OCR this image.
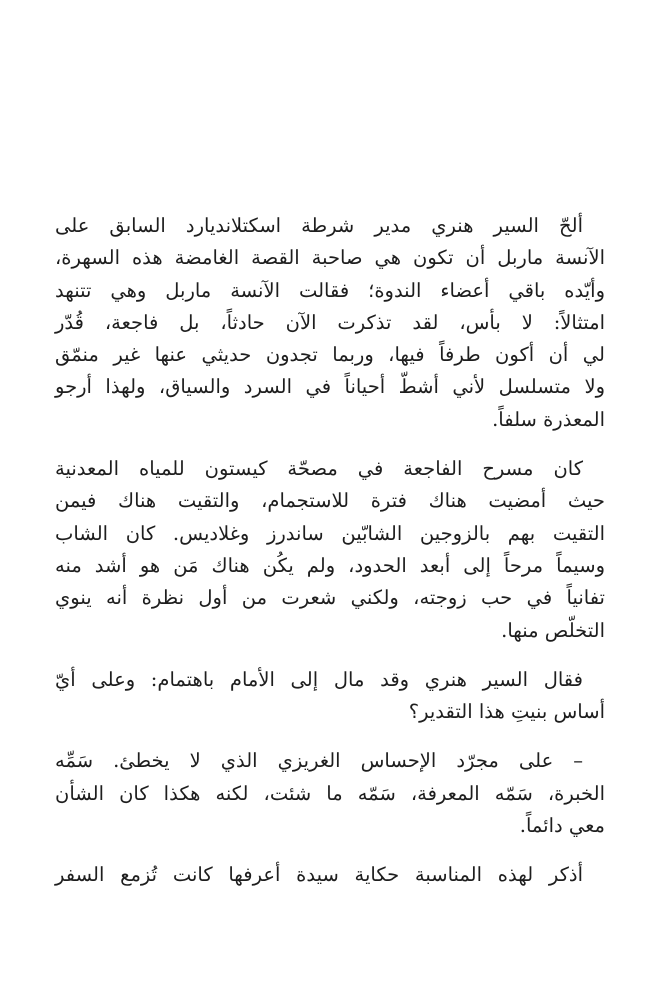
ألحّ السير هنري مدير شرطة اسكتلانديارد السابق على
الآنسة ماربل أن تكون هي صاحبة القصة الغامضة هذه السهرة،
وأيّده باقي أعضاء الندوة؛ فقالت الآنسة ماربل وهي تتنهد
امتثالاً: لا بأس، لقد تذكرت الآن حادثاً، بل فاجعة، قُدّر
لي أن أكون طرفاً فيها، وربما تجدون حديثي عنها غير منمّق
ولا متسلسل لأني أشطّ أحياناً في السرد والسياق، ولهذا أرجو
المعذرة سلفاً.

كان مسرح الفاجعة في مصحّة كيستون للمياه المعدنية
حيث أمضيت هناك فترة للاستجمام، والتقيت هناك فيمن
التقيت بهم بالزوجين الشابّين ساندرز وغلاديس. كان الشاب
وسيماً مرحاً إلى أبعد الحدود، ولم يكُن هناك مَن هو أشد منه
تفانياً في حب زوجته، ولكني شعرت من أول نظرة أنه ينوي
التخلّص منها.

فقال السير هنري وقد مال إلى الأمام باهتمام: وعلى أيّ
أساس بنيتِ هذا التقدير؟

– على مجرّد الإحساس الغريزي الذي لا يخطئ. سَمِّه
الخبرة، سَمّه المعرفة، سَمّه ما شئت، لكنه هكذا كان الشأن
معي دائماً.

أذكر لهذه المناسبة حكاية سيدة أعرفها كانت تُزمع السفر
